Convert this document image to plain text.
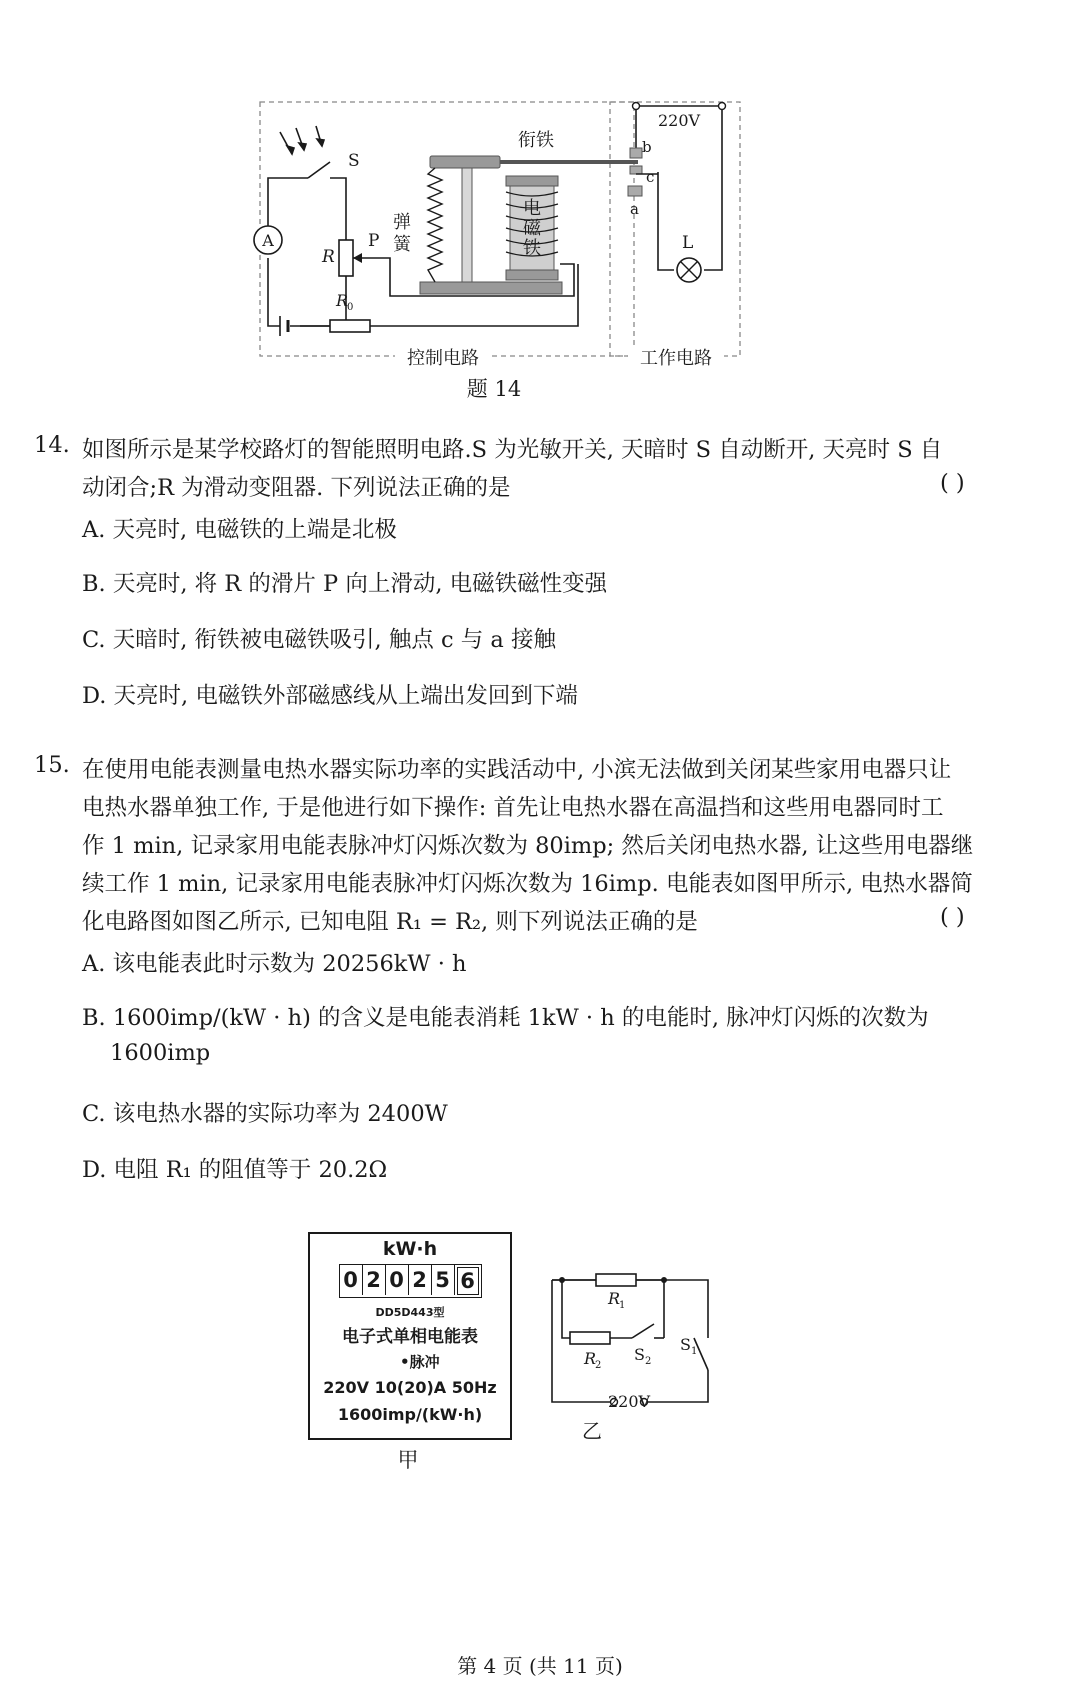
A
S
R
P
R
0
电
磁
铁
弹
簧
衔铁
220V
b
c
a
L
控制电路	工作电路
题 14
14. 如图所示是某学校路灯的智能照明电路.S 为光敏开关, 天暗时 S 自动断开, 天亮时 S 自
动闭合;R 为滑动变阻器. 下列说法正确的是	( )
A. 天亮时, 电磁铁的上端是北极
B. 天亮时, 将 R 的滑片 P 向上滑动, 电磁铁磁性变强
C. 天暗时, 衔铁被电磁铁吸引, 触点 c 与 a 接触
D. 天亮时, 电磁铁外部磁感线从上端出发回到下端
15. 在使用电能表测量电热水器实际功率的实践活动中, 小滨无法做到关闭某些家用电器只让
电热水器单独工作, 于是他进行如下操作: 首先让电热水器在高温挡和这些用电器同时工
作 1 min, 记录家用电能表脉冲灯闪烁次数为 80imp; 然后关闭电热水器, 让这些用电器继
续工作 1 min, 记录家用电能表脉冲灯闪烁次数为 16imp. 电能表如图甲所示, 电热水器简
化电路图如图乙所示, 已知电阻 R₁ = R₂, 则下列说法正确的是	( )
A. 该电能表此时示数为 20256kW · h
B. 1600imp/(kW · h) 的含义是电能表消耗 1kW · h 的电能时, 脉冲灯闪烁的次数为
1600imp
C. 该电热水器的实际功率为 2400W
D. 电阻 R₁ 的阻值等于 20.2Ω
kW·h
0 2 0 2 5 6
DD5D443型
电子式单相电能表
•脉冲
220V 10(20)A 50Hz
1600imp/(kW·h)
甲
R
1
R
2
S 2
S 1
220V
乙
第 4 页 (共 11 页)
